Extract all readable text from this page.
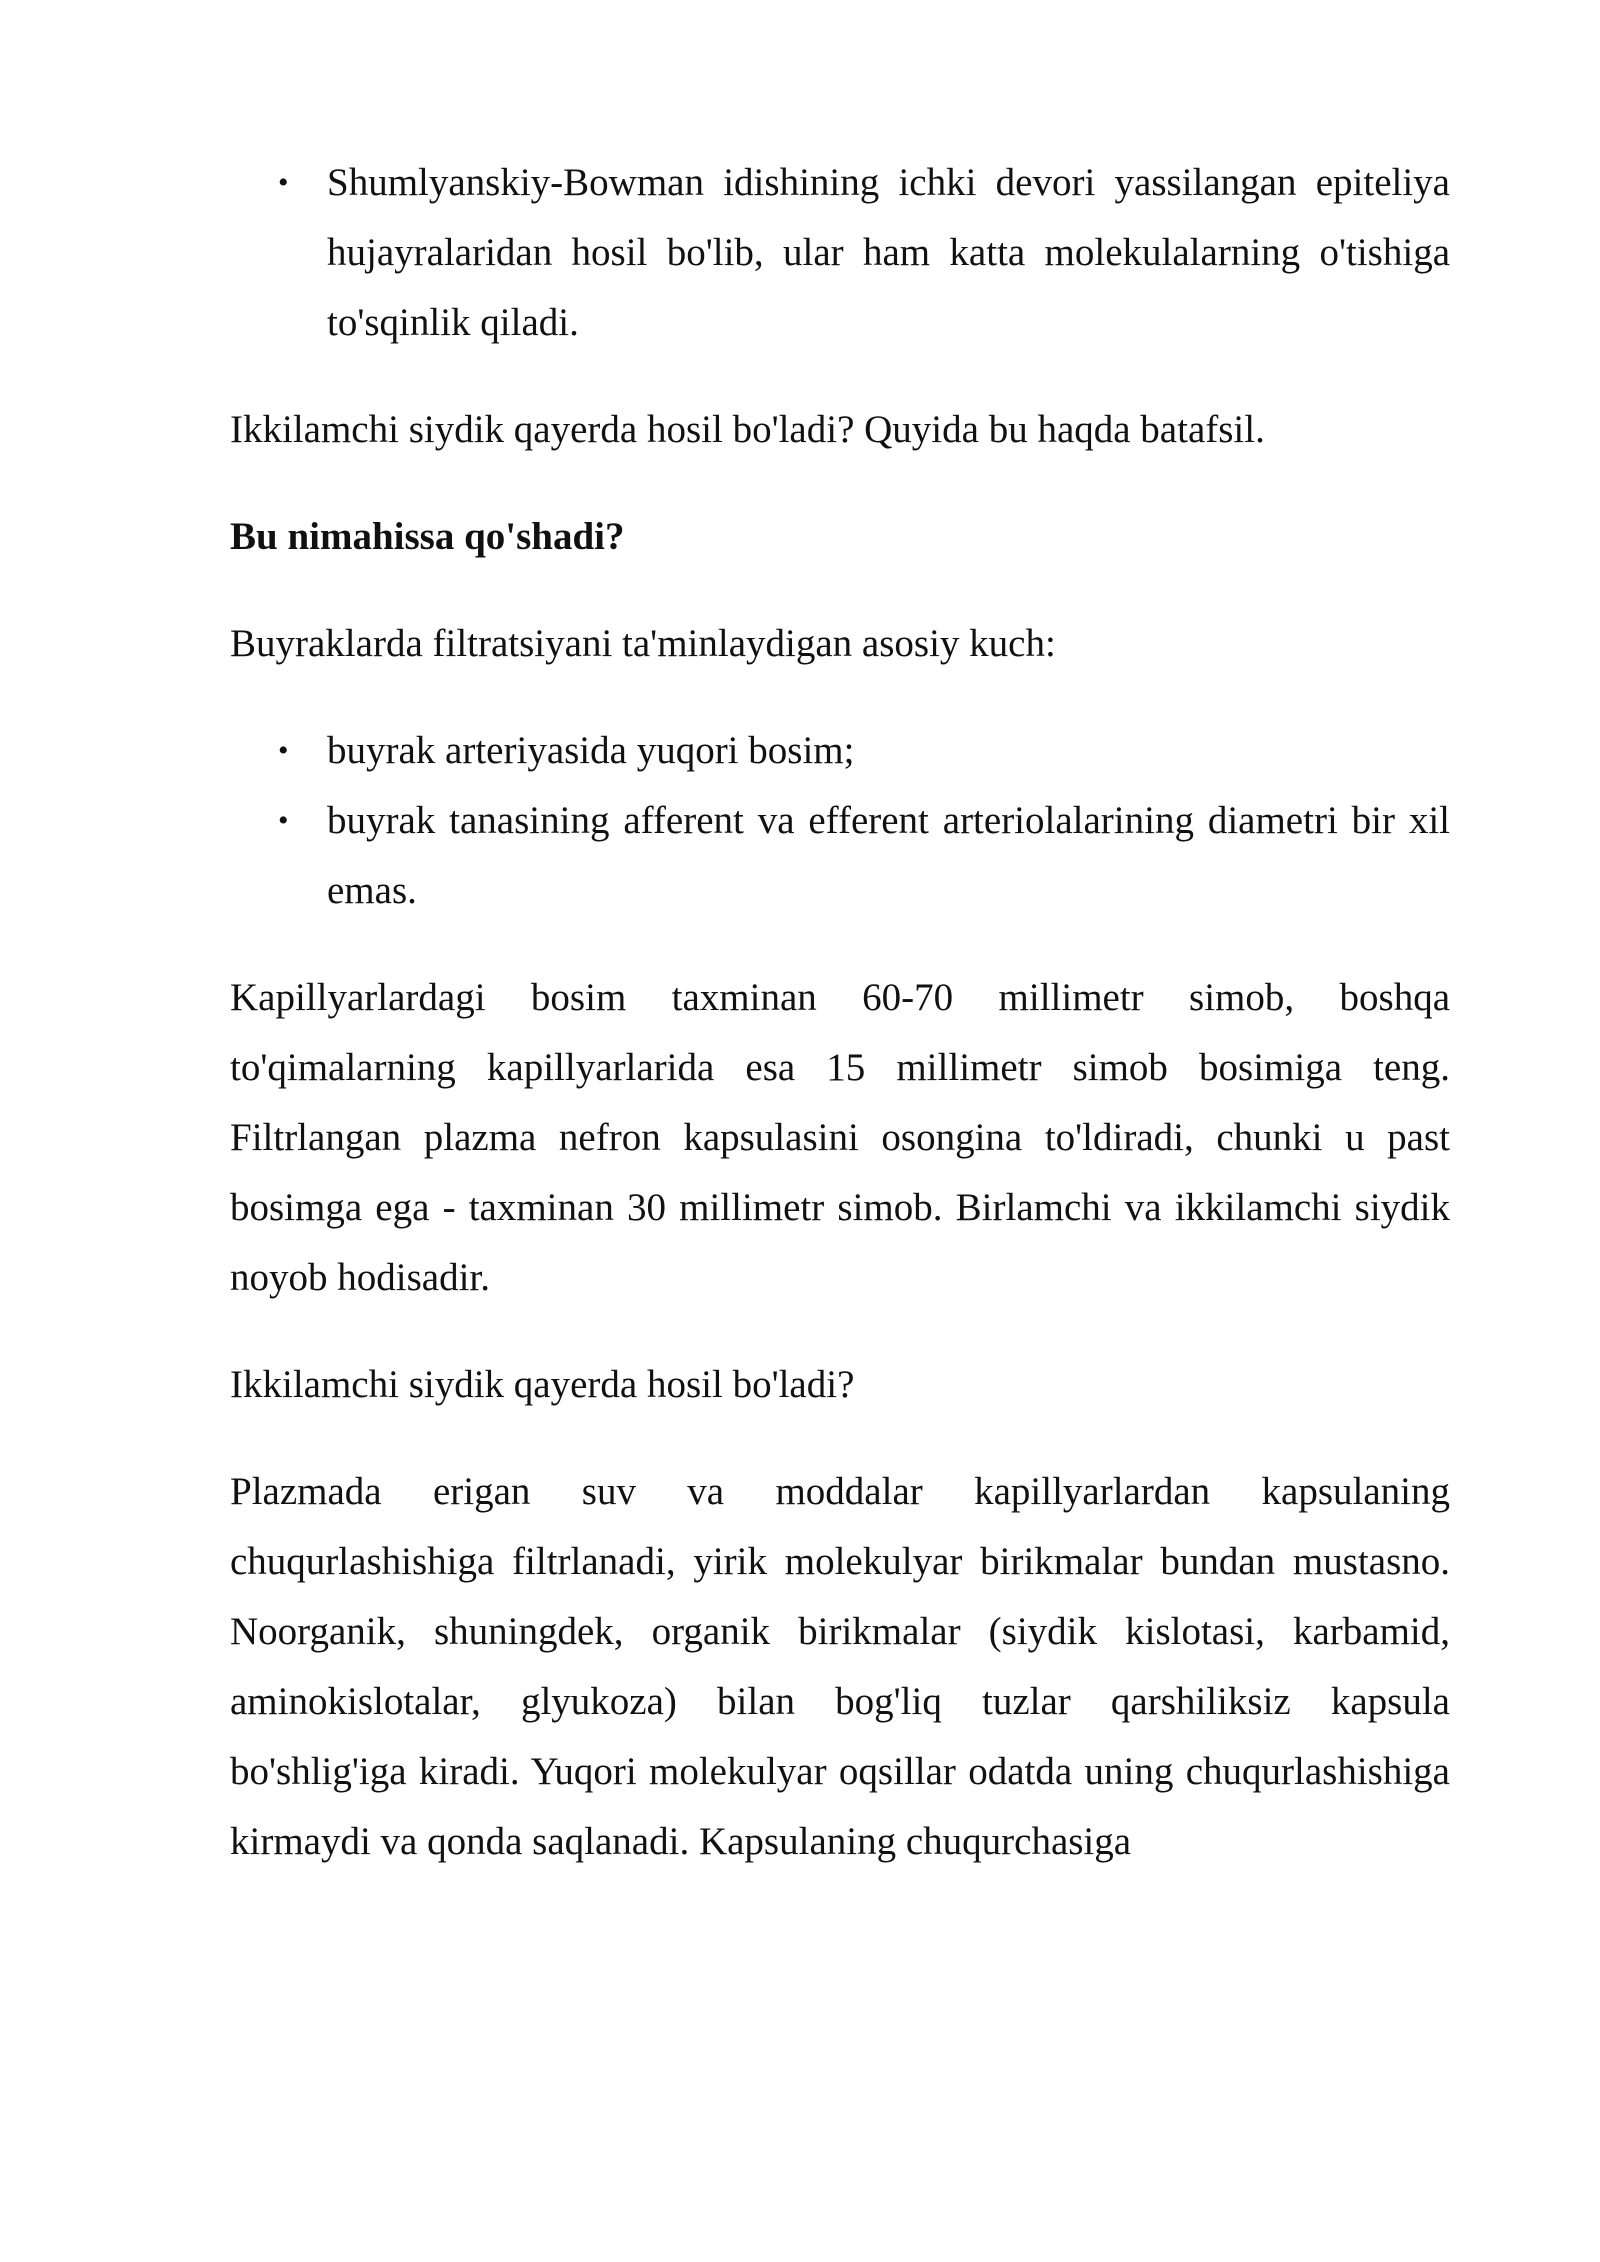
• Shumlyanskiy-Bowman idishining ichki devori yassilangan epiteliya hujayralaridan hosil bo'lib, ular ham katta molekulalarning o'tishiga to'sqinlik qiladi.

Ikkilamchi siydik qayerda hosil bo'ladi? Quyida bu haqda batafsil.

Bu nimahissa qo'shadi?

Buyraklarda filtratsiyani ta'minlaydigan asosiy kuch:

• buyrak arteriyasida yuqori bosim;
• buyrak tanasining afferent va efferent arteriolalarining diametri bir xil emas.

Kapillyarlardagi bosim taxminan 60-70 millimetr simob, boshqa to'qimalarning kapillyarlarida esa 15 millimetr simob bosimiga teng. Filtrlangan plazma nefron kapsulasini osongina to'ldiradi, chunki u past bosimga ega - taxminan 30 millimetr simob. Birlamchi va ikkilamchi siydik noyob hodisadir.

Ikkilamchi siydik qayerda hosil bo'ladi?

Plazmada erigan suv va moddalar kapillyarlardan kapsulaning chuqurlashishiga filtrlanadi, yirik molekulyar birikmalar bundan mustasno. Noorganik, shuningdek, organik birikmalar (siydik kislotasi, karbamid, aminokislotalar, glyukoza) bilan bog'liq tuzlar qarshiliksiz kapsula bo'shlig'iga kiradi. Yuqori molekulyar oqsillar odatda uning chuqurlashishiga kirmaydi va qonda saqlanadi. Kapsulaning chuqurchasiga
